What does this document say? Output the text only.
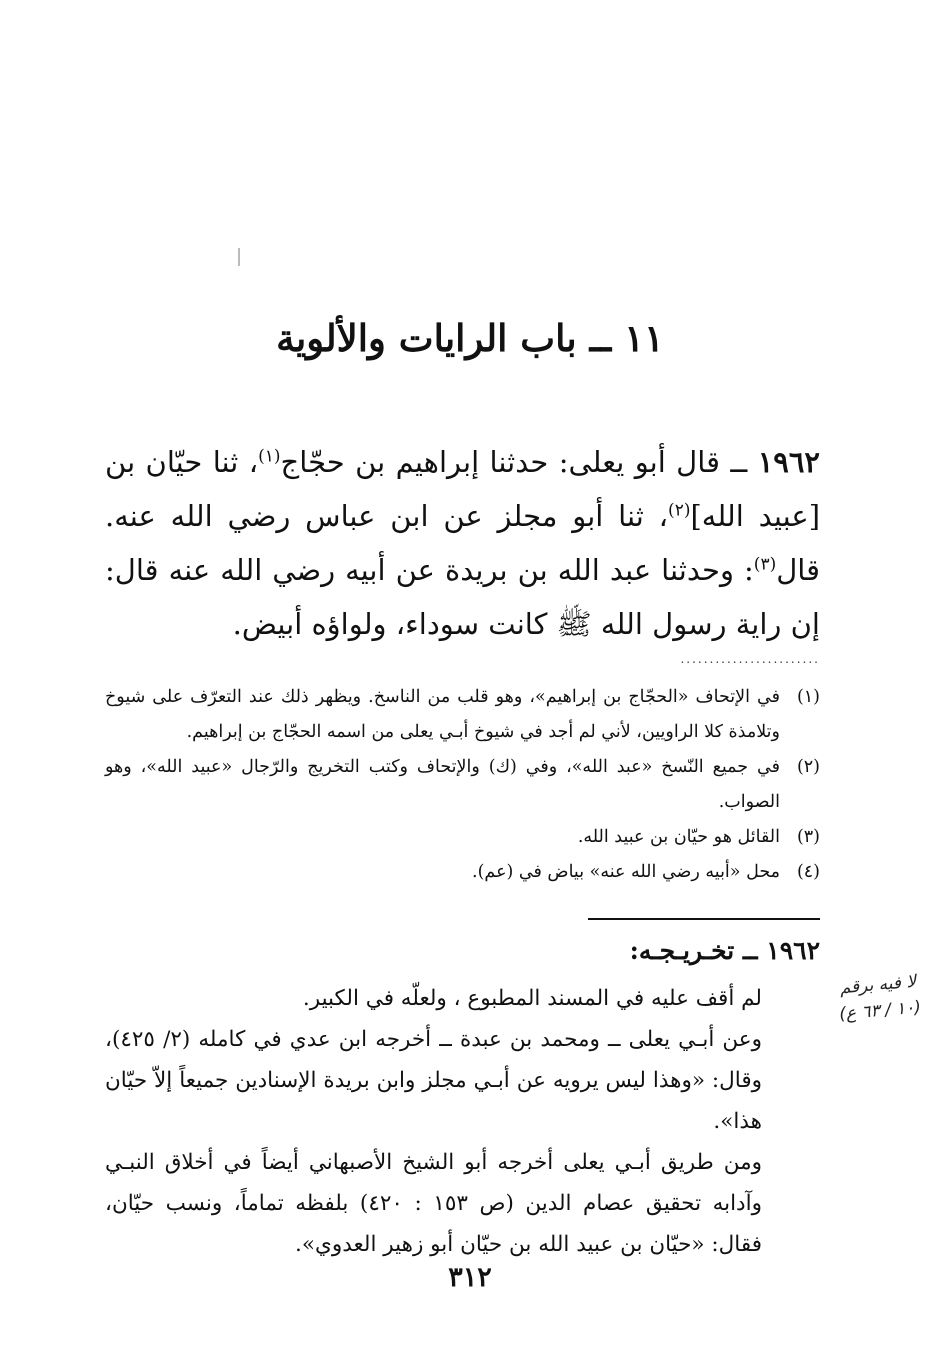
١١ ــ باب الرايات والألوية

١٩٦٢ ــ قال أبو يعلى: حدثنا إبراهيم بن حجّاج$^{(١)}$، ثنا حيّان بن [عبيد الله]$^{(٢)}$، ثنا أبو مجلز عن ابن عباس رضي الله عنه. قال$^{(٣)}$: وحدثنا عبد الله بن بريدة عن أبيه رضي الله عنه قال: إن راية رسول الله ﷺ كانت سوداء، ولواؤه أبيض.

........................
(١)
في الإتحاف «الحجّاج بن إبراهيم»، وهو قلب من الناسخ. ويظهر ذلك عند التعرّف على شيوخ وتلامذة كلا الراويين، لأني لم أجد في شيوخ أبـي يعلى من اسمه الحجّاج بن إبراهيم.
(٢)
في جميع النّسخ «عبد الله»، وفي (ك) والإتحاف وكتب التخريج والرّجال «عبيد الله»، وهو الصواب.
(٣)
القائل هو حيّان بن عبيد الله.
(٤)
محل «أبيه رضي الله عنه» بياض في (عم).
١٩٦٢ ــ تخـريـجـه:

لم أقف عليه في المسند المطبوع ، ولعلّه في الكبير.

وعن أبـي يعلى ــ ومحمد بن عبدة ــ أخرجه ابن عدي في كامله (٢/ ٤٢٥)، وقال: «وهذا ليس يرويه عن أبـي مجلز وابن بريدة الإسنادين جميعاً إلاّ حيّان هذا».

ومن طريق أبـي يعلى أخرجه أبو الشيخ الأصبهاني أيضاً في أخلاق النبـي وآدابه تحقيق عصام الدين (ص ١٥٣ : ٤٢٠) بلفظه تماماً، ونسب حيّان، فقال: «حيّان بن عبيد الله بن حيّان أبو زهير العدوي».

لا فيه برقم
(١٠ / ٦٣ ع)
٣١٢
